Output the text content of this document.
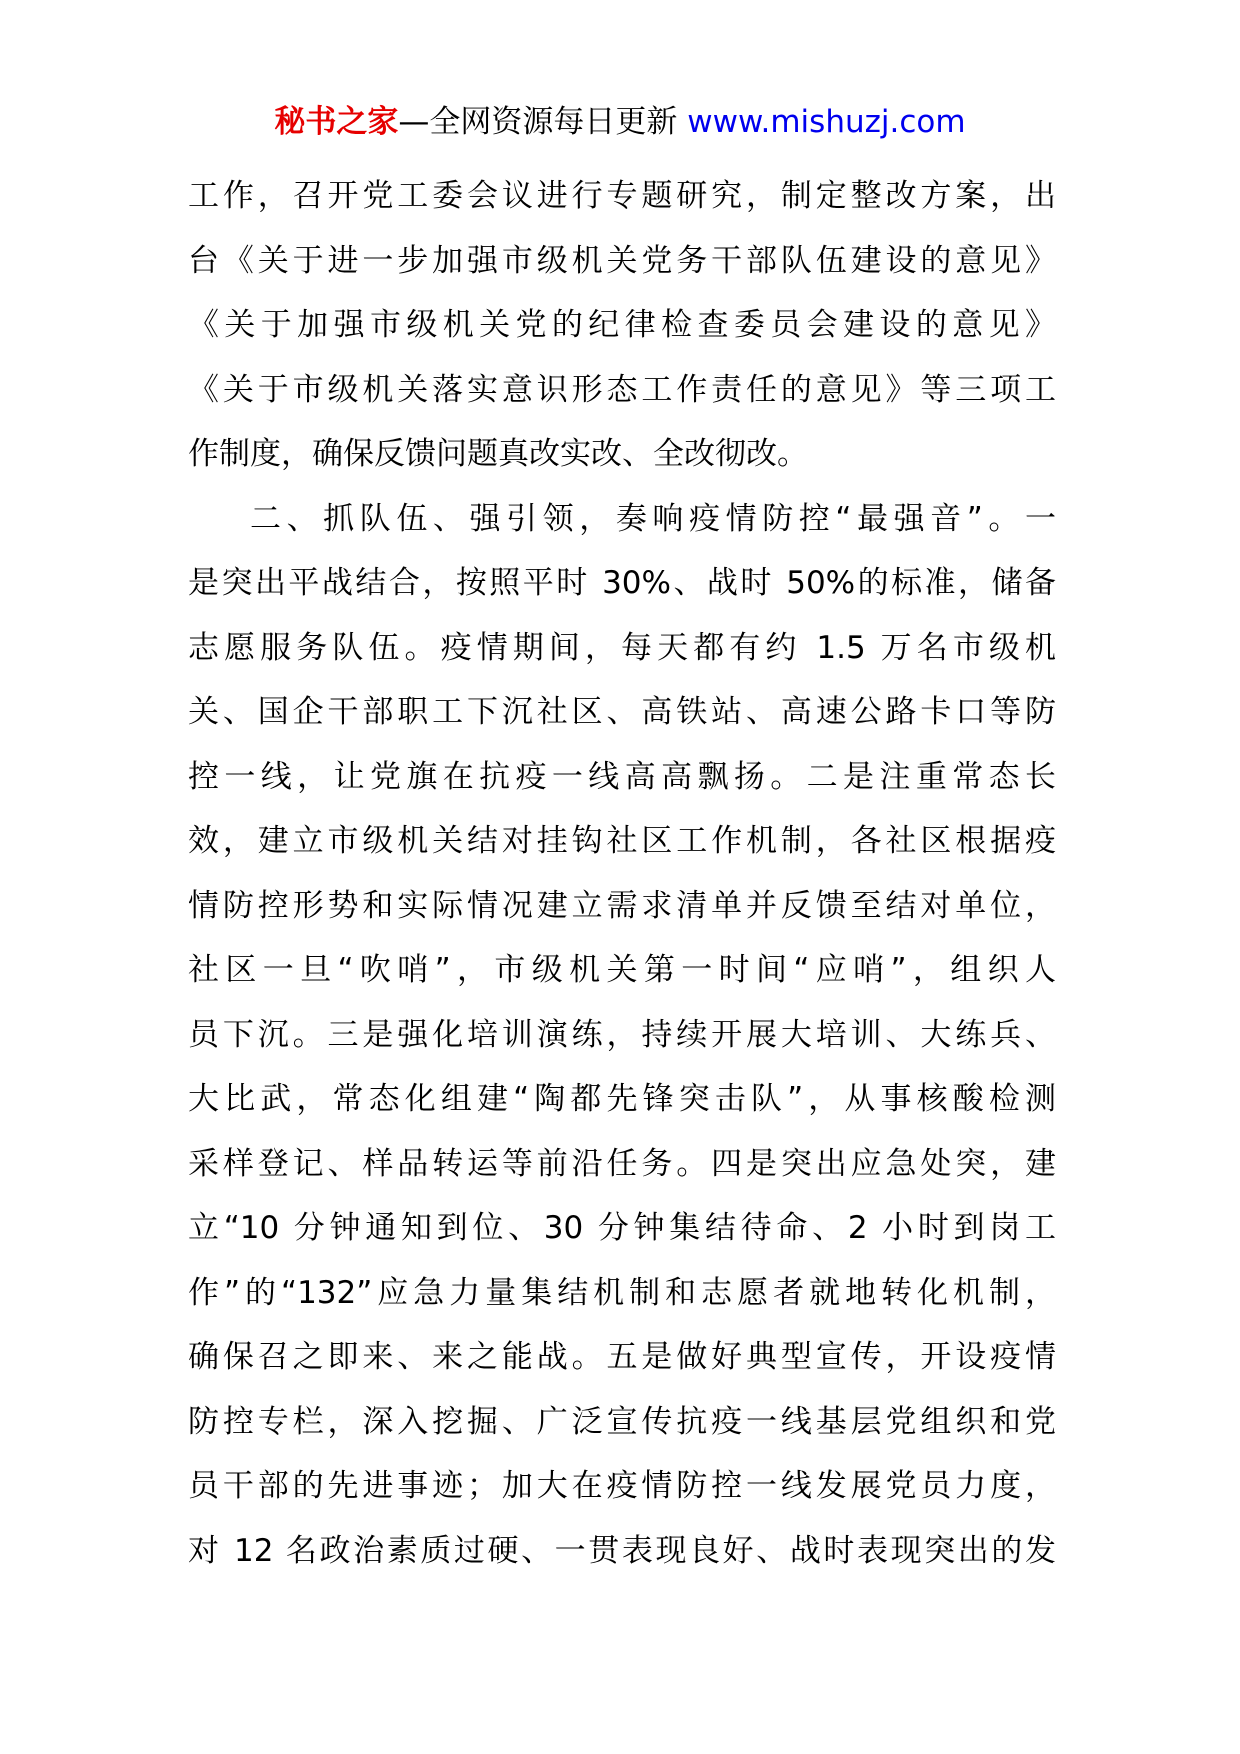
秘书之家—全网资源每日更新 www.mishuzj.com
工作，召开党工委会议进行专题研究，制定整改方案，出
台《关于进一步加强市级机关党务干部队伍建设的意见》
《关于加强市级机关党的纪律检查委员会建设的意见》
《关于市级机关落实意识形态工作责任的意见》等三项工
作制度，确保反馈问题真改实改、全改彻改。
二、抓队伍、强引领，奏响疫情防控“最强音”。一
是突出平战结合，按照平时 30%、战时 50%的标准，储备
志愿服务队伍。疫情期间，每天都有约 1.5 万名市级机
关、国企干部职工下沉社区、高铁站、高速公路卡口等防
控一线，让党旗在抗疫一线高高飘扬。二是注重常态长
效，建立市级机关结对挂钩社区工作机制，各社区根据疫
情防控形势和实际情况建立需求清单并反馈至结对单位，
社区一旦“吹哨”，市级机关第一时间“应哨”，组织人
员下沉。三是强化培训演练，持续开展大培训、大练兵、
大比武，常态化组建“陶都先锋突击队”，从事核酸检测
采样登记、样品转运等前沿任务。四是突出应急处突，建
立“10 分钟通知到位、30 分钟集结待命、2 小时到岗工
作”的“132”应急力量集结机制和志愿者就地转化机制，
确保召之即来、来之能战。五是做好典型宣传，开设疫情
防控专栏，深入挖掘、广泛宣传抗疫一线基层党组织和党
员干部的先进事迹；加大在疫情防控一线发展党员力度，
对 12 名政治素质过硬、一贯表现良好、战时表现突出的发
